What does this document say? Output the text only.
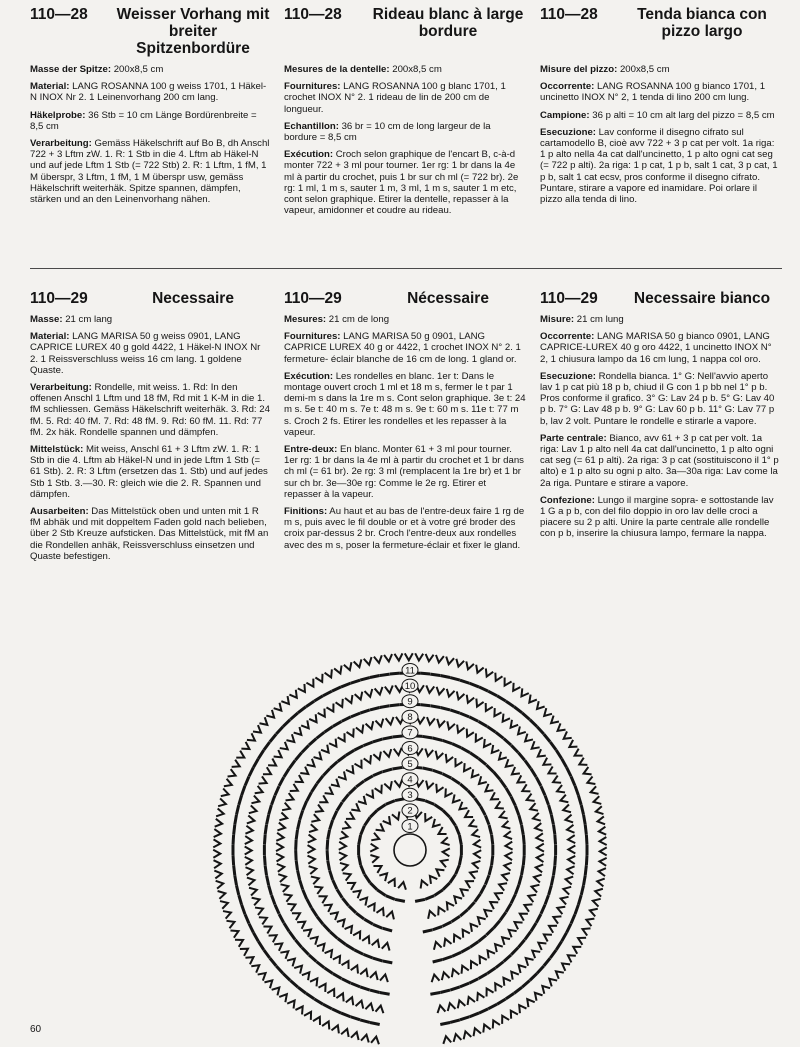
110—28	Weisser Vorhang mit breiter Spitzenbordüre

Masse der Spitze: 200x8,5 cm

Material: LANG ROSANNA 100 g weiss 1701, 1 Häkel-N INOX Nr 2. 1 Leinenvorhang 200 cm lang.

Häkelprobe: 36 Stb = 10 cm Länge Bordürenbreite = 8,5 cm

Verarbeitung: Gemäss Häkelschrift auf Bo B, dh Anschl 722 + 3 Lftm zW. 1. R: 1 Stb in die 4. Lftm ab Häkel-N und auf jede Lftm 1 Stb (= 722 Stb) 2. R: 1 Lftm, 1 fM, 1 M überspr, 3 Lftm, 1 fM, 1 M überspr usw, gemäss Häkelschrift weiterhäk. Spitze spannen, dämpfen, stärken und an den Leinenvorhang nähen.

110—28	Rideau blanc à large bordure

Mesures de la dentelle: 200x8,5 cm

Fournitures: LANG ROSANNA 100 g blanc 1701, 1 crochet INOX N° 2. 1 rideau de lin de 200 cm de longueur.

Echantillon: 36 br = 10 cm de long largeur de la bordure = 8,5 cm

Exécution: Croch selon graphique de l'encart B, c-à-d monter 722 + 3 ml pour tourner. 1er rg: 1 br dans la 4e ml à partir du crochet, puis 1 br sur ch ml (= 722 br). 2e rg: 1 ml, 1 m s, sauter 1 m, 3 ml, 1 m s, sauter 1 m etc, cont selon graphique. Etirer la dentelle, repasser à la vapeur, amidonner et coudre au rideau.

110—28	Tenda bianca con pizzo largo

Misure del pizzo: 200x8,5 cm

Occorrente: LANG ROSANNA 100 g bianco 1701, 1 uncinetto INOX N° 2, 1 tenda di lino 200 cm lung.

Campione: 36 p alti = 10 cm alt larg del pizzo = 8,5 cm

Esecuzione: Lav conforme il disegno cifrato sul cartamodello B, cioè avv 722 + 3 p cat per volt. 1a riga: 1 p alto nella 4a cat dall'uncinetto, 1 p alto ogni cat seg (= 722 p alti). 2a riga: 1 p cat, 1 p b, salt 1 cat, 3 p cat, 1 p b, salt 1 cat ecsv, pros conforme il disegno cifrato. Puntare, stirare a vapore ed inamidare. Poi orlare il pizzo alla tenda di lino.

110—29	Necessaire

Masse: 21 cm lang

Material: LANG MARISA 50 g weiss 0901, LANG CAPRICE LUREX 40 g gold 4422, 1 Häkel-N INOX Nr 2. 1 Reissverschluss weiss 16 cm lang. 1 goldene Quaste.

Verarbeitung: Rondelle, mit weiss. 1. Rd: In den offenen Anschl 1 Lftm und 18 fM, Rd mit 1 K-M in die 1. fM schliessen. Gemäss Häkelschrift weiterhäk. 3. Rd: 24 fM. 5. Rd: 40 fM. 7. Rd: 48 fM. 9. Rd: 60 fM. 11. Rd: 77 fM. 2x häk. Rondelle spannen und dämpfen.

Mittelstück: Mit weiss, Anschl 61 + 3 Lftm zW. 1. R: 1 Stb in die 4. Lftm ab Häkel-N und in jede Lftm 1 Stb (= 61 Stb). 2. R: 3 Lftm (ersetzen das 1. Stb) und auf jedes Stb 1 Stb. 3.—30. R: gleich wie die 2. R. Spannen und dämpfen.

Ausarbeiten: Das Mittelstück oben und unten mit 1 R fM abhäk und mit doppeltem Faden gold nach belieben, über 2 Stb Kreuze aufsticken. Das Mittelstück, mit fM an die Rondellen anhäk, Reissverschluss einsetzen und Quaste befestigen.

110—29	Nécessaire

Mesures: 21 cm de long

Fournitures: LANG MARISA 50 g 0901, LANG CAPRICE LUREX 40 g or 4422, 1 crochet INOX N° 2. 1 fermeture- éclair blanche de 16 cm de long. 1 gland or.

Exécution: Les rondelles en blanc. 1er t: Dans le montage ouvert croch 1 ml et 18 m s, fermer le t par 1 demi-m s dans la 1re m s. Cont selon graphique. 3e t: 24 m s. 5e t: 40 m s. 7e t: 48 m s. 9e t: 60 m s. 11e t: 77 m s. Croch 2 fs. Etirer les rondelles et les repasser à la vapeur.

Entre-deux: En blanc. Monter 61 + 3 ml pour tourner. 1er rg: 1 br dans la 4e ml à partir du crochet et 1 br dans ch ml (= 61 br). 2e rg: 3 ml (remplacent la 1re br) et 1 br sur ch br. 3e—30e rg: Comme le 2e rg. Etirer et repasser à la vapeur.

Finitions: Au haut et au bas de l'entre-deux faire 1 rg de m s, puis avec le fil double or et à votre gré broder des croix par-dessus 2 br. Croch l'entre-deux aux rondelles avec des m s, poser la fermeture-éclair et fixer le gland.

110—29	Necessaire bianco

Misure: 21 cm lung

Occorrente: LANG MARISA 50 g bianco 0901, LANG CAPRICE-LUREX 40 g oro 4422, 1 uncinetto INOX N° 2, 1 chiusura lampo da 16 cm lung, 1 nappa col oro.

Esecuzione: Rondella bianca. 1° G: Nell'avvio aperto lav 1 p cat più 18 p b, chiud il G con 1 p bb nel 1° p b. Pros conforme il grafico. 3° G: Lav 24 p b. 5° G: Lav 40 p b. 7° G: Lav 48 p b. 9° G: Lav 60 p b. 11° G: Lav 77 p b, lav 2 volt. Puntare le rondelle e stirarle a vapore.

Parte centrale: Bianco, avv 61 + 3 p cat per volt. 1a riga: Lav 1 p alto nell 4a cat dall'uncinetto, 1 p alto ogni cat seg (= 61 p alti). 2a riga: 3 p cat (sostituiscono il 1° p alto) e 1 p alto su ogni p alto. 3a—30a riga: Lav come la 2a riga. Puntare e stirare a vapore.

Confezione: Lungo il margine sopra- e sottostande lav 1 G a p b, con del filo doppio in oro lav delle croci a piacere su 2 p alti. Unire la parte centrale alle rondelle con p b, inserire la chiusura lampo, fermare la nappa.

11
10
9
8
7
6
5
4
3
2
1
60
